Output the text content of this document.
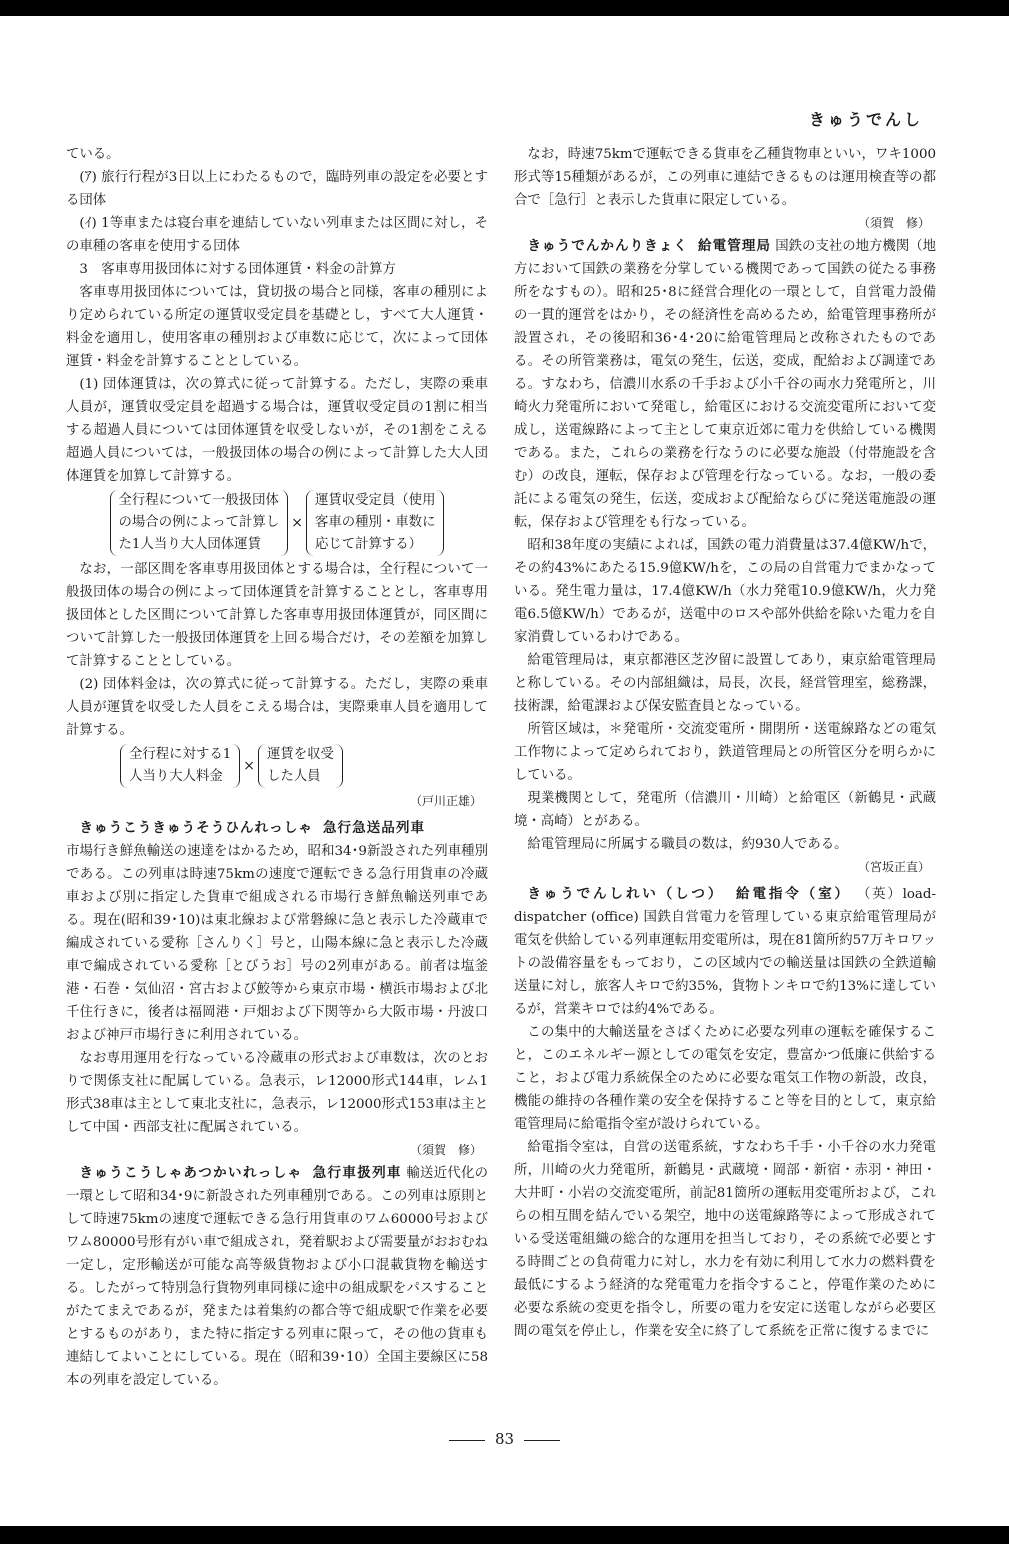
きゅうでんし

ている。

(ｱ) 旅行行程が3日以上にわたるもので，臨時列車の設定を必要とする団体

(ｲ) 1等車または寝台車を連結していない列車または区間に対し，その車種の客車を使用する団体

3　客車専用扱団体に対する団体運賃・料金の計算方

客車専用扱団体については，貸切扱の場合と同様，客車の種別により定められている所定の運賃収受定員を基礎とし，すべて大人運賃・料金を適用し，使用客車の種別および車数に応じて，次によって団体運賃・料金を計算することとしている。

(1) 団体運賃は，次の算式に従って計算する。ただし，実際の乗車人員が，運賃収受定員を超過する場合は，運賃収受定員の1割に相当する超過人員については団体運賃を収受しないが，その1割をこえる超過人員については，一般扱団体の場合の例によって計算した大人団体運賃を加算して計算する。

全行程について一般扱団体
の場合の例によって計算し
た1人当り大人団体運賃
×
運賃収受定員（使用
客車の種別・車数に
応じて計算する）

なお，一部区間を客車専用扱団体とする場合は，全行程について一般扱団体の場合の例によって団体運賃を計算することとし，客車専用扱団体とした区間について計算した客車専用扱団体運賃が，同区間について計算した一般扱団体運賃を上回る場合だけ，その差額を加算して計算することとしている。

(2) 団体料金は，次の算式に従って計算する。ただし，実際の乗車人員が運賃を収受した人員をこえる場合は，実際乗車人員を適用して計算する。

全行程に対する1
人当り大人料金
×
運賃を収受
した人員

（戸川正雄）

きゅうこうきゅうそうひんれっしゃ 急行急送品列車
市場行き鮮魚輸送の速達をはかるため，昭和34･9新設された列車種別である。この列車は時速75kmの速度で運転できる急行用貨車の冷蔵車および別に指定した貨車で組成される市場行き鮮魚輸送列車である。現在(昭和39･10)は東北線および常磐線に急と表示した冷蔵車で編成されている愛称［さんりく］号と，山陽本線に急と表示した冷蔵車で編成されている愛称［とびうお］号の2列車がある。前者は塩釜港・石巻・気仙沼・宮古および鮫等から東京市場・横浜市場および北千住行きに，後者は福岡港・戸畑および下関等から大阪市場・丹波口および神戸市場行きに利用されている。

なお専用運用を行なっている冷蔵車の形式および車数は，次のとおりで関係支社に配属している。急表示，レ12000形式144車，レム1形式38車は主として東北支社に，急表示，レ12000形式153車は主として中国・西部支社に配属されている。

（須賀　修）

きゅうこうしゃあつかいれっしゃ 急行車扱列車 輸送近代化の一環として昭和34･9に新設された列車種別である。この列車は原則として時速75kmの速度で運転できる急行用貨車のワム60000号およびワム80000号形有がい車で組成され，発着駅および需要量がおおむね一定し，定形輸送が可能な高等級貨物および小口混載貨物を輸送する。したがって特別急行貨物列車同様に途中の組成駅をパスすることがたてまえであるが，発または着集約の都合等で組成駅で作業を必要とするものがあり，また特に指定する列車に限って，その他の貨車も連結してよいことにしている。現在（昭和39･10）全国主要線区に58本の列車を設定している。

なお，時速75kmで運転できる貨車を乙種貨物車といい，ワキ1000形式等15種類があるが，この列車に連結できるものは運用検査等の都合で［急行］と表示した貨車に限定している。

（須賀　修）

きゅうでんかんりきょく 給電管理局 国鉄の支社の地方機関（地方において国鉄の業務を分掌している機関であって国鉄の従たる事務所をなすもの）。昭和25･8に経営合理化の一環として，自営電力設備の一貫的運営をはかり，その経済性を高めるため，給電管理事務所が設置され，その後昭和36･4･20に給電管理局と改称されたものである。その所管業務は，電気の発生，伝送，変成，配給および調達である。すなわち，信濃川水系の千手および小千谷の両水力発電所と，川崎火力発電所において発電し，給電区における交流変電所において変成し，送電線路によって主として東京近郊に電力を供給している機関である。また，これらの業務を行なうのに必要な施設（付帯施設を含む）の改良，運転，保存および管理を行なっている。なお，一般の委託による電気の発生，伝送，変成および配給ならびに発送電施設の運転，保存および管理をも行なっている。

昭和38年度の実績によれば，国鉄の電力消費量は37.4億KW/hで，その約43%にあたる15.9億KW/hを，この局の自営電力でまかなっている。発生電力量は，17.4億KW/h（水力発電10.9億KW/h，火力発電6.5億KW/h）であるが，送電中のロスや部外供給を除いた電力を自家消費しているわけである。

給電管理局は，東京都港区芝汐留に設置してあり，東京給電管理局と称している。その内部組織は，局長，次長，経営管理室，総務課，技術課，給電課および保安監査員となっている。

所管区域は，＊発電所・交流変電所・開閉所・送電線路などの電気工作物によって定められており，鉄道管理局との所管区分を明らかにしている。

現業機関として，発電所（信濃川・川崎）と給電区（新鶴見・武蔵境・高崎）とがある。

給電管理局に所属する職員の数は，約930人である。

（宮坂正直）

きゅうでんしれい（しつ） 給電指令（室） （英）load-dispatcher (office) 国鉄自営電力を管理している東京給電管理局が電気を供給している列車運転用変電所は，現在81箇所約57万キロワットの設備容量をもっており，この区域内での輸送量は国鉄の全鉄道輸送量に対し，旅客人キロで約35%，貨物トンキロで約13%に達しているが，営業キロでは約4%である。

この集中的大輸送量をさばくために必要な列車の運転を確保すること，このエネルギー源としての電気を安定，豊富かつ低廉に供給すること，および電力系統保全のために必要な電気工作物の新設，改良，機能の維持の各種作業の安全を保持すること等を目的として，東京給電管理局に給電指令室が設けられている。

給電指令室は，自営の送電系統，すなわち千手・小千谷の水力発電所，川崎の火力発電所，新鶴見・武蔵境・岡部・新宿・赤羽・神田・大井町・小岩の交流変電所，前記81箇所の運転用変電所および，これらの相互間を結んでいる架空，地中の送電線路等によって形成されている受送電組織の総合的な運用を担当しており，その系統で必要とする時間ごとの負荷電力に対し，水力を有効に利用して水力の燃料費を最低にするよう経済的な発電電力を指令すること，停電作業のために必要な系統の変更を指令し，所要の電力を安定に送電しながら必要区間の電気を停止し，作業を安全に終了して系統を正常に復するまでに

83
